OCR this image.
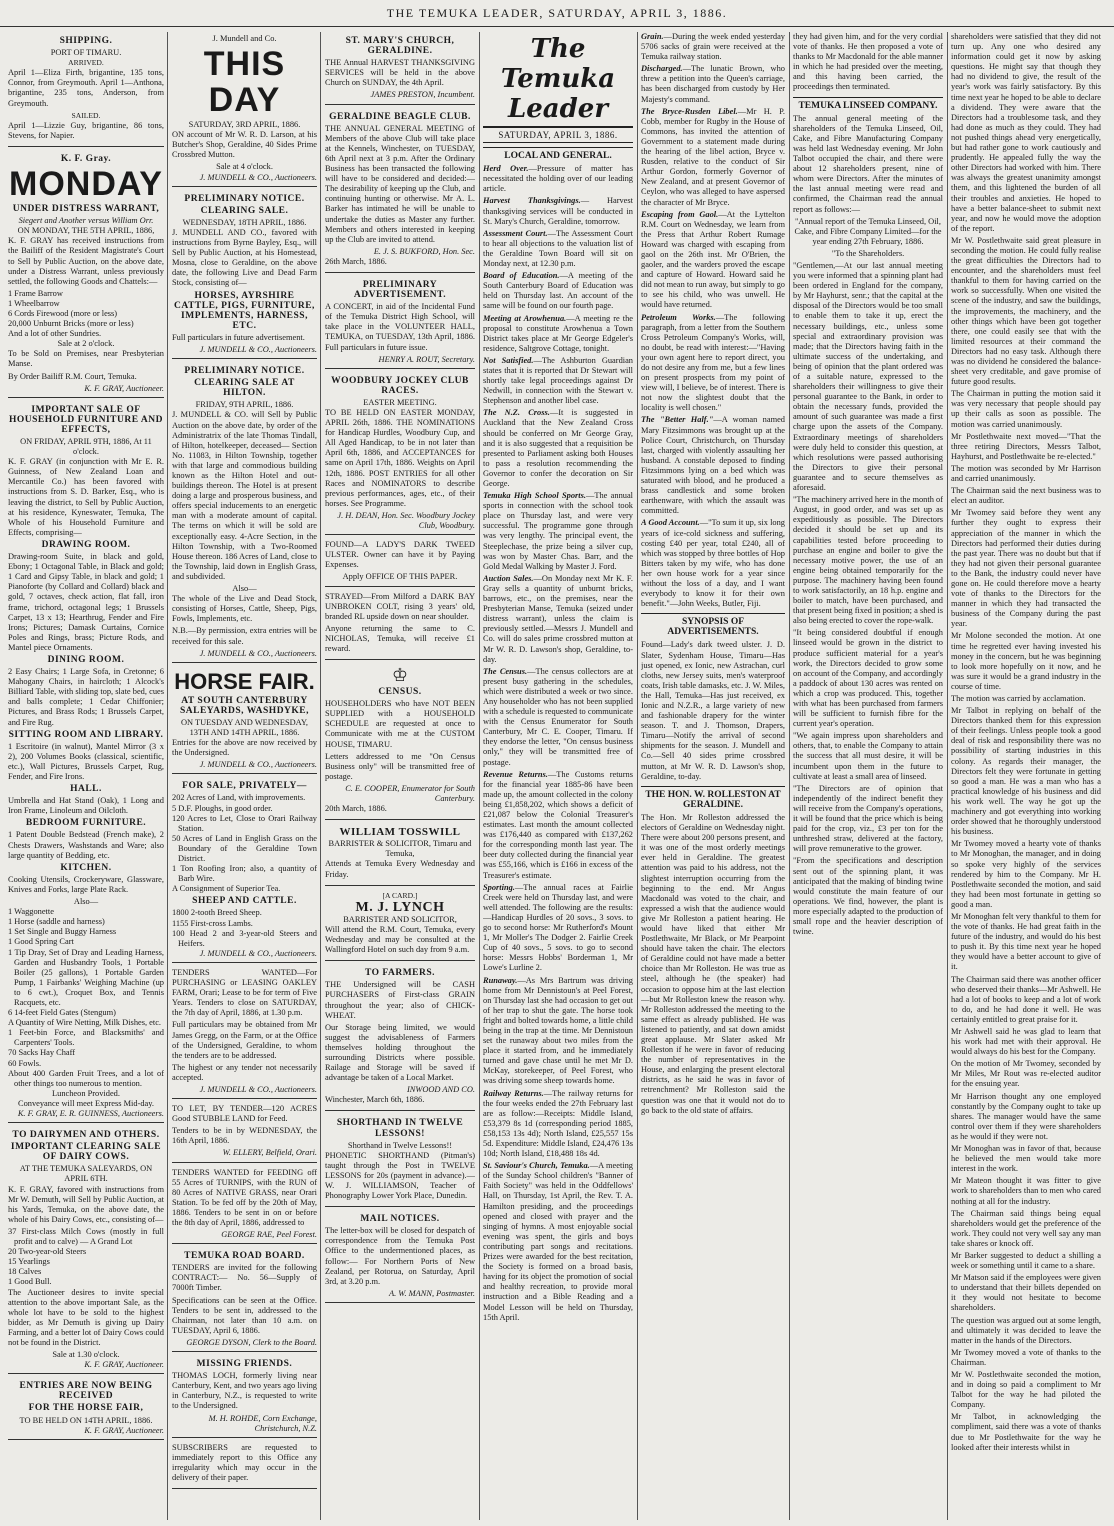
THE TEMUKA LEADER, SATURDAY, APRIL 3, 1886.
SHIPPING.
PORT OF TIMARU.
ARRIVED.

April 1—Eliza Firth, brigantine, 135 tons, Connor, from Greymouth. April 1—Anthona, brigantine, 235 tons, Anderson, from Greymouth.

SAILED.

April 1—Lizzie Guy, brigantine, 86 tons, Stevens, for Napier.

K. F. Gray.
MONDAY
UNDER DISTRESS WARRANT,
Siegert and Another versus William Orr.
ON MONDAY, THE 5TH APRIL, 1886,

K. F. GRAY has received instructions from the Bailiff of the Resident Magistrate's Court to Sell by Public Auction, on the above date, under a Distress Warrant, unless previously settled, the following Goods and Chattels:—

1 Frame Barrow
1 Wheelbarrow
6 Cords Firewood (more or less)
20,000 Unburnt Bricks (more or less)
And a lot of other Sundries.
Sale at 2 o'clock.

To be Sold on Premises, near Presbyterian Manse.

By Order Bailiff R.M. Court, Temuka.

K. F. GRAY, Auctioneer.
IMPORTANT SALE OF HOUSEHOLD FURNITURE AND EFFECTS,
ON FRIDAY, APRIL 9TH, 1886, At 11 o'clock.

K. F. GRAY (in conjunction with Mr E. R. Guinness, of New Zealand Loan and Mercantile Co.) has been favored with instructions from S. D. Barker, Esq., who is leaving the district, to Sell by Public Auction, at his residence, Kyneswater, Temuka, The Whole of his Household Furniture and Effects, comprising—

DRAWING ROOM.

Drawing-room Suite, in black and gold, Ebony; 1 Octagonal Table, in Black and gold; 1 Card and Gipsy Table, in black and gold; 1 Pianoforte (by Collard and Collard) black and gold, 7 octaves, check action, flat fall, iron frame, trichord, octagonal legs; 1 Brussels Carpet, 13 x 13; Hearthrug, Fender and Fire Irons; Pictures; Damask Curtains, Cornice Poles and Rings, brass; Picture Rods, and Mantel piece Ornaments.

DINING ROOM.

2 Easy Chairs; 1 Large Sofa, in Cretonne; 6 Mahogany Chairs, in haircloth; 1 Alcock's Billiard Table, with sliding top, slate bed, cues and balls complete; 1 Cedar Chiffonier; Pictures, and Brass Rods; 1 Brussels Carpet, and Fire Rug.

SITTING ROOM AND LIBRARY.

1 Escritoire (in walnut), Mantel Mirror (3 x 2), 200 Volumes Books (classical, scientific, etc.), Wall Pictures, Brussels Carpet, Rug, Fender, and Fire Irons.

HALL.

Umbrella and Hat Stand (Oak), 1 Long and Iron Frame, Linoleum and Oilcloth.

BEDROOM FURNITURE.

1 Patent Double Bedstead (French make), 2 Chests Drawers, Washstands and Ware; also large quantity of Bedding, etc.

KITCHEN.

Cooking Utensils, Crockeryware, Glassware, Knives and Forks, large Plate Rack.

Also—
1 Waggonette
1 Horse (saddle and harness)
1 Set Single and Buggy Harness
1 Good Spring Cart
1 Tip Dray, Set of Dray and Leading Harness, Garden and Husbandry Tools, 1 Portable Boiler (25 gallons), 1 Portable Garden Pump, 1 Fairbanks' Weighing Machine (up to 6 cwt.), Croquet Box, and Tennis Racquets, etc.
6 14-feet Field Gates (Stengum)
A Quantity of Wire Netting, Milk Dishes, etc.
1 Feet-bin Force, and Blacksmiths' and Carpenters' Tools.
70 Sacks Hay Chaff
60 Fowls.
About 400 Garden Fruit Trees, and a lot of other things too numerous to mention.
Luncheon Provided.
Conveyance will meet Express Mid-day.
K. F. GRAY, E. R. GUINNESS, Auctioneers.
TO DAIRYMEN AND OTHERS.
IMPORTANT CLEARING SALE OF DAIRY COWS.
AT THE TEMUKA SALEYARDS, ON APRIL 6TH.

K. F. GRAY, favored with instructions from Mr W. Demuth, will Sell by Public Auction, at his Yards, Temuka, on the above date, the whole of his Dairy Cows, etc., consisting of—

37 First-class Milch Cows (mostly in full profit and to calve) — A Grand Lot
20 Two-year-old Steers
15 Yearlings
18 Calves
1 Good Bull.

The Auctioneer desires to invite special attention to the above important Sale, as the whole lot have to be sold to the highest bidder, as Mr Demuth is giving up Dairy Farming, and a better lot of Dairy Cows could not be found in the District.

Sale at 1.30 o'clock.
K. F. GRAY, Auctioneer.
ENTRIES ARE NOW BEING RECEIVED
FOR THE HORSE FAIR,
TO BE HELD ON 14TH APRIL, 1886.
K. F. GRAY, Auctioneer.
J. Mundell and Co.
THIS DAY
SATURDAY, 3RD APRIL, 1886.

ON account of Mr W. R. D. Larson, at his Butcher's Shop, Geraldine, 40 Sides Prime Crossbred Mutton.

Sale at 4 o'clock.
J. MUNDELL & CO., Auctioneers.
PRELIMINARY NOTICE.
CLEARING SALE.
WEDNESDAY, 18TH APRIL, 1886.

J. MUNDELL AND CO., favored with instructions from Byrne Bayley, Esq., will Sell by Public Auction, at his Homestead, Mosna, close to Geraldine, on the above date, the following Live and Dead Farm Stock, consisting of—

HORSES, AYRSHIRE CATTLE, PIGS, FURNITURE, IMPLEMENTS, HARNESS, ETC.

Full particulars in future advertisement.

J. MUNDELL & CO., Auctioneers.
PRELIMINARY NOTICE.
CLEARING SALE AT HILTON.
FRIDAY, 9TH APRIL, 1886.

J. MUNDELL & CO. will Sell by Public Auction on the above date, by order of the Administratrix of the late Thomas Tindall, of Hilton, hotelkeeper, deceased— Section No. 11083, in Hilton Township, together with that large and commodious building known as the Hilton Hotel and out-buildings thereon. The Hotel is at present doing a large and prosperous business, and offers special inducements to an energetic man with a moderate amount of capital. The terms on which it will be sold are exceptionally easy. 4-Acre Section, in the Hilton Township, with a Two-Roomed House thereon. 186 Acres of Land, close to the Township, laid down in English Grass, and subdivided.

Also—

The whole of the Live and Dead Stock, consisting of Horses, Cattle, Sheep, Pigs, Fowls, Implements, etc.

N.B.—By permission, extra entries will be received for this sale.

J. MUNDELL & CO., Auctioneers.
HORSE FAIR.
AT SOUTH CANTERBURY SALEYARDS, WASHDYKE,
ON TUESDAY AND WEDNESDAY, 13TH AND 14TH APRIL, 1886.

Entries for the above are now received by the Undersigned.

J. MUNDELL & CO., Auctioneers.
FOR SALE, PRIVATELY—
202 Acres of Land, with improvements.
5 D.F. Ploughs, in good order.
120 Acres to Let, Close to Orari Railway Station.
50 Acres of Land in English Grass on the Boundary of the Geraldine Town District.
1 Ton Roofing Iron; also, a quantity of Barb Wire.
A Consignment of Superior Tea.
SHEEP AND CATTLE.
1800 2-tooth Breed Sheep.
1155 First-cross Lambs.
100 Head 2 and 3-year-old Steers and Heifers.
J. MUNDELL & CO., Auctioneers.

TENDERS WANTED—For PURCHASING or LEASING OAKLEY FARM, Orari; Lease to be for term of Five Years. Tenders to close on SATURDAY, the 7th day of April, 1886, at 1.30 p.m.

Full particulars may be obtained from Mr James Gregg, on the Farm, or at the Office of the Undersigned, Geraldine, to whom the tenders are to be addressed.

The highest or any tender not necessarily accepted.

J. MUNDELL & CO., Auctioneers.

TO LET, BY TENDER—120 ACRES Good STUBBLE LAND for Feed.

Tenders to be in by WEDNESDAY, the 16th April, 1886.

W. ELLERY, Belfield, Orari.

TENDERS WANTED for FEEDING off 55 Acres of TURNIPS, with the RUN of 80 Acres of NATIVE GRASS, near Orari Station. To be fed off by the 20th of May, 1886. Tenders to be sent in on or before the 8th day of April, 1886, addressed to

GEORGE RAE, Peel Forest.
TEMUKA ROAD BOARD.

TENDERS are invited for the following CONTRACT:— No. 56—Supply of 7000ft Timber.

Specifications can be seen at the Office. Tenders to be sent in, addressed to the Chairman, not later than 10 a.m. on TUESDAY, April 6, 1886.

GEORGE DYSON, Clerk to the Board.
MISSING FRIENDS.

THOMAS LOCH, formerly living near Canterbury, Kent, and two years ago living in Canterbury, N.Z., is requested to write to the Undersigned.

M. H. ROHDE, Corn Exchange, Christchurch, N.Z.

SUBSCRIBERS are requested to immediately report to this Office any irregularity which may occur in the delivery of their paper.

ST. MARY'S CHURCH, GERALDINE.

THE Annual HARVEST THANKSGIVING SERVICES will be held in the above Church on SUNDAY, the 4th April.

JAMES PRESTON, Incumbent.
GERALDINE BEAGLE CLUB.

THE ANNUAL GENERAL MEETING of Members of the above Club will take place at the Kennels, Winchester, on TUESDAY, 6th April next at 3 p.m. After the Ordinary Business has been transacted the following will have to be considered and decided:—The desirability of keeping up the Club, and continuing hunting or otherwise. Mr A. L. Barker has intimated he will be unable to undertake the duties as Master any further. Members and others interested in keeping up the Club are invited to attend.

E. J. S. BUKFORD, Hon. Sec.

26th March, 1886.

PRELIMINARY ADVERTISEMENT.

A CONCERT, in aid of the Incidental Fund of the Temuka District High School, will take place in the VOLUNTEER HALL, TEMUKA, on TUESDAY, 13th April, 1886. Full particulars in future issue.

HENRY A. ROUT, Secretary.
WOODBURY JOCKEY CLUB RACES.
EASTER MEETING.

TO BE HELD ON EASTER MONDAY, APRIL 26th, 1886. THE NOMINATIONS for Handicap Hurdles, Woodbury Cup, and All Aged Handicap, to be in not later than April 6th, 1886, and ACCEPTANCES for same on April 17th, 1886. Weights on April 12th, 1886. POST ENTRIES for all other Races and NOMINATORS to describe previous performances, ages, etc., of their horses. See Programme.

J. H. DEAN, Hon. Sec. Woodbury Jockey Club, Woodbury.

FOUND—A LADY'S DARK TWEED ULSTER. Owner can have it by Paying Expenses.

Apply OFFICE OF THIS PAPER.

STRAYED—From Milford a DARK BAY UNBROKEN COLT, rising 3 years' old, branded RL upside down on near shoulder.

Anyone returning the same to C. NICHOLAS, Temuka, will receive £1 reward.

♔
CENSUS.

HOUSEHOLDERS who have NOT BEEN SUPPLIED with a HOUSEHOLD SCHEDULE are requested at once to Communicate with me at the CUSTOM HOUSE, TIMARU.

Letters addressed to me "On Census Business only" will be transmitted free of postage.

C. E. COOPER, Enumerator for South Canterbury.

20th March, 1886.

WILLIAM TOSSWILL
BARRISTER & SOLICITOR, Timaru and Temuka,

Attends at Temuka Every Wednesday and Friday.

[A CARD.]
M. J. LYNCH
BARRISTER AND SOLICITOR,

Will attend the R.M. Court, Temuka, every Wednesday and may be consulted at the Wallingford Hotel on such day from 9 a.m.

TO FARMERS.

THE Undersigned will be CASH PURCHASERS of First-class GRAIN throughout the year; also of CHICK-WHEAT.

Our Storage being limited, we would suggest the advisableness of Farmers themselves holding throughout the surrounding Districts where possible. Railage and Storage will be saved if advantage be taken of a Local Market.

INWOOD AND CO.

Winchester, March 6th, 1886.

SHORTHAND IN TWELVE LESSONS!
Shorthand in Twelve Lessons!!

PHONETIC SHORTHAND (Pitman's) taught through the Post in TWELVE LESSONS for 20s (payment in advance).—W. J. WILLIAMSON, Teacher of Phonography Lower York Place, Dunedin.

MAIL NOTICES.

The letter-box will be closed for despatch of correspondence from the Temuka Post Office to the undermentioned places, as follow:— For Northern Ports of New Zealand, per Rotorua, on Saturday, April 3rd, at 3.20 p.m.

A. W. MANN, Postmaster.
The Temuka Leader
SATURDAY, APRIL 3, 1886.
LOCAL AND GENERAL.

Herd Over.—Pressure of matter has necessitated the holding over of our leading article.

Harvest Thanksgivings.— Harvest thanksgiving services will be conducted in St. Mary's Church, Geraldine, tomorrow.

Assessment Court.—The Assessment Court to hear all objections to the valuation list of the Geraldine Town Board will sit on Monday next, at 12.30 p.m.

Board of Education.—A meeting of the South Canterbury Board of Education was held on Thursday last. An account of the same will be found on our fourth page.

Meeting at Arowhenua.—A meeting re the proposal to constitute Arowhenua a Town District takes place at Mr George Edgeler's residence, Saltgrove Cottage, tonight.

Not Satisfied.—The Ashburton Guardian states that it is reported that Dr Stewart will shortly take legal proceedings against Dr Nedwill, in connection with the Stewart v. Stephenson and another libel case.

The N.Z. Cross.—It is suggested in Auckland that the New Zealand Cross should be conferred on Mr George Gray, and it is also suggested that a requisition be presented to Parliament asking both Houses to pass a resolution recommending the Governor to confer the decoration on Sir George.

Temuka High School Sports.—The annual sports in connection with the school took place on Thursday last, and were very successful. The programme gone through was very lengthy. The principal event, the Steeplechase, the prize being a silver cup, was won by Master Chas. Barr, and the Gold Medal Walking by Master J. Ford.

Auction Sales.—On Monday next Mr K. F. Gray sells a quantity of unburnt bricks, barrows, etc., on the premises, near the Presbyterian Manse, Temuka (seized under distress warrant), unless the claim is previously settled.—Messrs J. Mundell and Co. will do sales prime crossbred mutton at Mr W. R. D. Lawson's shop, Geraldine, to-day.

The Census.—The census collectors are at present busy gathering in the schedules, which were distributed a week or two since. Any householder who has not been supplied with a schedule is requested to communicate with the Census Enumerator for South Canterbury, Mr C. E. Cooper, Timaru. If they endorse the letter, "On census business only," they will be transmitted free of postage.

Revenue Returns.—The Customs returns for the financial year 1885-86 have been made up, the amount collected in the colony being £1,858,202, which shows a deficit of £21,087 below the Colonial Treasurer's estimates. Last month the amount collected was £176,440 as compared with £137,262 for the corresponding month last year. The beer duty collected during the financial year was £55,166, which is £166 in excess of the Treasurer's estimate.

Sporting.—The annual races at Fairlie Creek were held on Thursday last, and were well attended. The following are the results:—Handicap Hurdles of 20 sovs., 3 sovs. to go to second horse: Mr Rutherford's Mount 1, Mr Moller's The Dodger 2. Fairlie Creek Cup of 40 sovs., 5 sovs. to go to second horse: Messrs Hobbs' Borderman 1, Mr Lowe's Lurline 2.

Runaway.—As Mrs Bartrum was driving home from Mr Dennistoun's at Peel Forest, on Thursday last she had occasion to get out of her trap to shut the gate. The horse took fright and bolted towards home, a little child being in the trap at the time. Mr Dennistoun set the runaway about two miles from the place it started from, and he immediately turned and gave chase until he met Mr D. McKay, storekeeper, of Peel Forest, who was driving some sheep towards home.

Railway Returns.—The railway returns for the four weeks ended the 27th February last are as follow:—Receipts: Middle Island, £53,379 8s 1d (corresponding period 1885, £58,153 13s 4d); North Island, £25,557 15s 5d. Expenditure: Middle Island, £24,476 13s 10d; North Island, £18,488 18s 4d.

St. Saviour's Church, Temuka.—A meeting of the Sunday School children's "Banner of Faith Society" was held in the Oddfellows' Hall, on Thursday, 1st April, the Rev. T. A. Hamilton presiding, and the proceedings opened and closed with prayer and the singing of hymns. A most enjoyable social evening was spent, the girls and boys contributing part songs and recitations. Prizes were awarded for the best recitation, the Society is formed on a broad basis, having for its object the promotion of social and healthy recreation, to provide moral instruction and a Bible Reading and a Model Lesson will be held on Thursday, 15th April.

Grain.—During the week ended yesterday 5706 sacks of grain were received at the Temuka railway station.

Discharged.—The lunatic Brown, who threw a petition into the Queen's carriage, has been discharged from custody by Her Majesty's command.

The Bryce-Rusden Libel.—Mr H. P. Cobb, member for Rugby in the House of Commons, has invited the attention of Government to a statement made during the hearing of the libel action, Bryce v. Rusden, relative to the conduct of Sir Arthur Gordon, formerly Governor of New Zealand, and at present Governor of Ceylon, who was alleged to have aspersed the character of Mr Bryce.

Escaping from Gaol.—At the Lyttelton R.M. Court on Wednesday, we learn from the Press that Arthur Robert Rumage Howard was charged with escaping from gaol on the 26th inst. Mr O'Brien, the gaoler, and the warders proved the escape and capture of Howard. Howard said he did not mean to run away, but simply to go to see his child, who was unwell. He would have returned.

Petroleum Works.—The following paragraph, from a letter from the Southern Cross Petroleum Company's Works, will, no doubt, be read with interest:—"Having your own agent here to report direct, you do not desire any from me, but a few lines on present prospects from my point of view will, I believe, be of interest. There is not now the slightest doubt that the locality is well chosen."

The "Better Half."—A woman named Mary Fitzsimmons was brought up at the Police Court, Christchurch, on Thursday last, charged with violently assaulting her husband. A constable deposed to finding Fitzsimmons lying on a bed which was saturated with blood, and he produced a brass candlestick and some broken earthenware, with which the assault was committed.

A Good Account.—"To sum it up, six long years of ice-cold sickness and suffering, costing £40 per year, total £240, all of which was stopped by three bottles of Hop Bitters taken by my wife, who has done her own house work for a year since without the loss of a day, and I want everybody to know it for their own benefit."—John Weeks, Butler, Fiji.

SYNOPSIS OF ADVERTISEMENTS.

Found—Lady's dark tweed ulster. J. D. Slater, Sydenham House, Timaru—Has just opened, ex Ionic, new Astrachan, curl cloths, new Jersey suits, men's waterproof coats, Irish table damasks, etc. J. W. Miles, the Hall, Temuka—Has just received, ex Ionic and N.Z.R., a large variety of new and fashionable drapery for the winter season. T. and J. Thomson, Drapers, Timaru—Notify the arrival of second shipments for the season. J. Mundell and Co.—Sell 40 sides prime crossbred mutton, at Mr W. R. D. Lawson's shop, Geraldine, to-day.

THE HON. W. ROLLESTON AT GERALDINE.

The Hon. Mr Rolleston addressed the electors of Geraldine on Wednesday night. There were about 200 persons present, and it was one of the most orderly meetings ever held in Geraldine. The greatest attention was paid to his address, not the slightest interruption occurring from the beginning to the end. Mr Angus Macdonald was voted to the chair, and expressed a wish that the audience would give Mr Rolleston a patient hearing. He would have liked that either Mr Postlethwaite, Mr Black, or Mr Pearpoint should have taken the chair. The electors of Geraldine could not have made a better choice than Mr Rolleston. He was true as steel, although he (the speaker) had occasion to oppose him at the last election—but Mr Rolleston knew the reason why. Mr Rolleston addressed the meeting to the same effect as already published. He was listened to patiently, and sat down amidst great applause. Mr Slater asked Mr Rolleston if he were in favor of reducing the number of representatives in the House, and enlarging the present electoral districts, as he said he was in favor of retrenchment? Mr Rolleston said the question was one that it would not do to go back to the old state of affairs.

they had given him, and for the very cordial vote of thanks. He then proposed a vote of thanks to Mr Macdonald for the able manner in which he had presided over the meeting, and this having been carried, the proceedings then terminated.

TEMUKA LINSEED COMPANY.

The annual general meeting of the shareholders of the Temuka Linseed, Oil, Cake, and Fibre Manufacturing Company was held last Wednesday evening. Mr John Talbot occupied the chair, and there were about 12 shareholders present, nine of whom were Directors. After the minutes of the last annual meeting were read and confirmed, the Chairman read the annual report as follows:—

"Annual report of the Temuka Linseed, Oil, Cake, and Fibre Company Limited—for the year ending 27th February, 1886.

"To the Shareholders.

"Gentlemen,—At our last annual meeting you were informed that a spinning plant had been ordered in England for the company, by Mr Hayhurst, senr.; that the capital at the disposal of the Directors would be too small to enable them to take it up, erect the necessary buildings, etc., unless some special and extraordinary provision was made; that the Directors having faith in the ultimate success of the undertaking, and being of opinion that the plant ordered was of a suitable nature, expressed to the shareholders their willingness to give their personal guarantee to the Bank, in order to obtain the necessary funds, provided the amount of such guarantee was made a first charge upon the assets of the Company. Extraordinary meetings of shareholders were duly held to consider this question, at which resolutions were passed authorising the Directors to give their personal guarantee and to secure themselves as aforesaid.

"The machinery arrived here in the month of August, in good order, and was set up as expeditiously as possible. The Directors decided it should be set up and its capabilities tested before proceeding to purchase an engine and boiler to give the necessary motive power, the use of an engine being obtained temporarily for the purpose. The machinery having been found to work satisfactorily, an 18 h.p. engine and boiler to match, have been purchased, and that present being fixed in position; a shed is also being erected to cover the rope-walk.

"It being considered doubtful if enough linseed would be grown in the district to produce sufficient material for a year's work, the Directors decided to grow some on account of the Company, and accordingly a paddock of about 130 acres was rented on which a crop was produced. This, together with what has been purchased from farmers will be sufficient to furnish fibre for the current year's operation.

"We again impress upon shareholders and others, that, to enable the Company to attain the success that all must desire, it will be incumbent upon them in the future to cultivate at least a small area of linseed.

"The Directors are of opinion that independently of the indirect benefit they will receive from the Company's operations, it will be found that the price which is being paid for the crop, viz., £3 per ton for the unthreshed straw, delivered at the factory, will prove remunerative to the grower.

"From the specifications and description sent out of the spinning plant, it was anticipated that the making of binding twine would constitute the main feature of our operations. We find, however, the plant is more especially adapted to the production of small rope and the heavier description of twine.

shareholders were satisfied that they did not turn up. Any one who desired any information could get it now by asking questions. He might say that though they had no dividend to give, the result of the year's work was fairly satisfactory. By this time next year he hoped to be able to declare a dividend. They were aware that the Directors had a troublesome task, and they had done as much as they could. They had not pushed things ahead very energetically, but had rather gone to work cautiously and prudently. He appealed fully the way the other Directors had worked with him. There was always the greatest unanimity amongst them, and this lightened the burden of all their troubles and anxieties. He hoped to have a better balance-sheet to submit next year, and now he would move the adoption of the report.

Mr W. Postlethwaite said great pleasure in seconding the motion. He could fully realise the great difficulties the Directors had to encounter, and the shareholders must feel thankful to them for having carried on the work so successfully. When one visited the scene of the industry, and saw the buildings, the improvements, the machinery, and the other things which have been got together there, one could easily see that with the limited resources at their command the Directors had no easy task. Although there was no dividend he considered the balance-sheet very creditable, and gave promise of future good results.

The Chairman in putting the motion said it was very necessary that people should pay up their calls as soon as possible. The motion was carried unanimously.

Mr Postlethwaite next moved—"That the three retiring Directors, Messrs Talbot, Hayhurst, and Postlethwaite be re-elected."

The motion was seconded by Mr Harrison and carried unanimously.

The Chairman said the next business was to elect an auditor.

Mr Twomey said before they went any further they ought to express their appreciation of the manner in which the Directors had performed their duties during the past year. There was no doubt but that if they had not given their personal guarantee to the Bank, the industry could never have gone on. He could therefore move a hearty vote of thanks to the Directors for the manner in which they had transacted the business of the Company during the past year.

Mr Molone seconded the motion. At one time he regretted ever having invested his money in the concern, but he was beginning to look more hopefully on it now, and he was sure it would be a grand industry in the course of time.

The motion was carried by acclamation.

Mr Talbot in replying on behalf of the Directors thanked them for this expression of their feelings. Unless people took a good deal of risk and responsibility there was no possibility of starting industries in this colony. As regards their manager, the Directors felt they were fortunate in getting so good a man. He was a man who has a practical knowledge of his business and did his work well. The way he got up the machinery and got everything into working order showed that he thoroughly understood his business.

Mr Twomey moved a hearty vote of thanks to Mr Monoghan, the manager, and in doing so spoke very highly of the services rendered by him to the Company. Mr H. Postlethwaite seconded the motion, and said they had been most fortunate in getting so good a man.

Mr Monoghan felt very thankful to them for the vote of thanks. He had great faith in the future of the industry, and would do his best to push it. By this time next year he hoped they would have a better account to give of it.

The Chairman said there was another officer who deserved their thanks—Mr Ashwell. He had a lot of books to keep and a lot of work to do, and he had done it well. He was certainly entitled to great praise for it.

Mr Ashwell said he was glad to learn that his work had met with their approval. He would always do his best for the Company.

On the motion of Mr Twomey, seconded by Mr Miles, Mr Rout was re-elected auditor for the ensuing year.

Mr Harrison thought any one employed constantly by the Company ought to take up shares. The manager would have the same control over them if they were shareholders as he would if they were not.

Mr Monoghan was in favor of that, because he believed the men would take more interest in the work.

Mr Mateon thought it was fitter to give work to shareholders than to men who cared nothing at all for the industry.

The Chairman said things being equal shareholders would get the preference of the work. They could not very well say any man take shares or knock off.

Mr Barker suggested to deduct a shilling a week or something until it came to a share.

Mr Matson said if the employees were given to understand that their billets depended on it they would not hesitate to become shareholders.

The question was argued out at some length, and ultimately it was decided to leave the matter in the hands of the Directors.

Mr Twomey moved a vote of thanks to the Chairman.

Mr W. Postlethwaite seconded the motion, and in doing so paid a compliment to Mr Talbot for the way he had piloted the Company.

Mr Talbot, in acknowledging the compliment, said there was a vote of thanks due to Mr Postlethwaite for the way he looked after their interests whilst in
